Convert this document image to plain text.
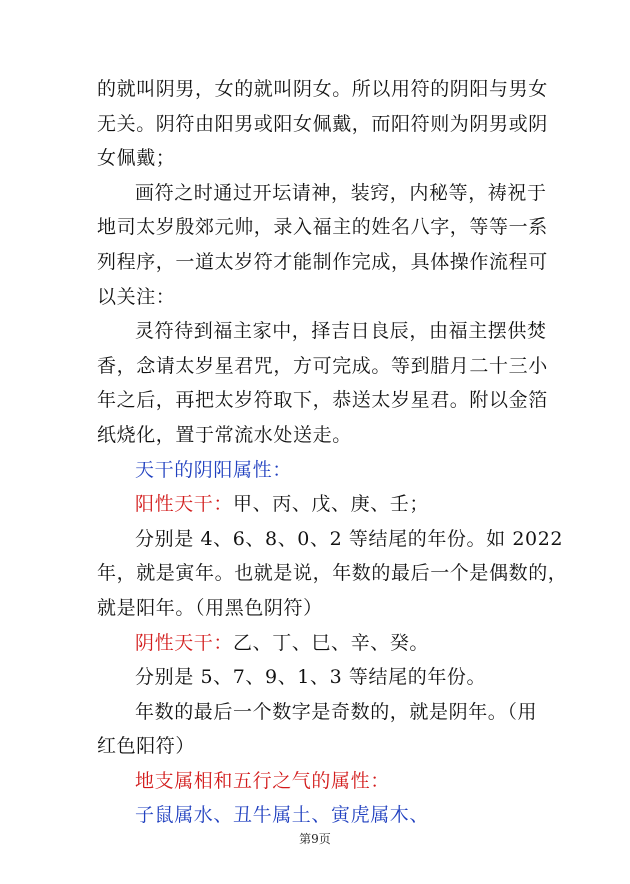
的就叫阴男，女的就叫阴女。所以用符的阴阳与男女
无关。阴符由阳男或阳女佩戴，而阳符则为阴男或阴
女佩戴；
画符之时通过开坛请神，装窍，内秘等，祷祝于
地司太岁殷郊元帅，录入福主的姓名八字，等等一系
列程序，一道太岁符才能制作完成，具体操作流程可
以关注：
灵符待到福主家中，择吉日良辰，由福主摆供焚
香，念请太岁星君咒，方可完成。等到腊月二十三小
年之后，再把太岁符取下，恭送太岁星君。附以金箔
纸烧化，置于常流水处送走。
天干的阴阳属性：
阳性天干：甲、丙、戊、庚、壬；
分别是 4、6、8、0、2 等结尾的年份。如 2022
年，就是寅年。也就是说，年数的最后一个是偶数的，
就是阳年。（用黑色阴符）
阴性天干：乙、丁、巳、辛、癸。
分别是 5、7、9、1、3 等结尾的年份。
年数的最后一个数字是奇数的，就是阴年。（用
红色阳符）
地支属相和五行之气的属性：
子鼠属水、丑牛属土、寅虎属木、
第9页
